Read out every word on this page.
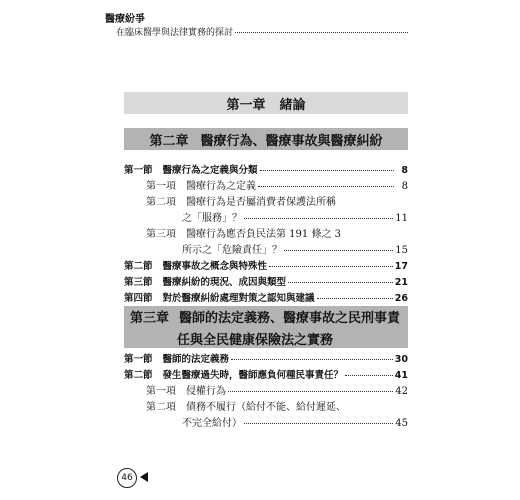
醫療紛爭
在臨床醫學與法律實務的探討
第一章 緒論
第二章 醫療行為、醫療事故與醫療糾紛
第一節 醫療行為之定義與分類	8
第一項 醫療行為之定義	8
第二項 醫療行為是否屬消費者保護法所稱
之「服務」？	11
第三項 醫療行為應否負民法第 191 條之 3
所示之「危險責任」？	15
第二節 醫療事故之概念與特殊性	17
第三節 醫療糾紛的現況、成因與類型	21
第四節 對於醫療糾紛處理對策之認知與建議	26
第三章 醫師的法定義務、醫療事故之民刑事責
任與全民健康保險法之實務
第一節 醫師的法定義務	30
第二節 發生醫療過失時，醫師應負何種民事責任？	41
第一項 侵權行為	42
第二項 債務不履行（給付不能、給付遲延、
不完全給付）	45
46
